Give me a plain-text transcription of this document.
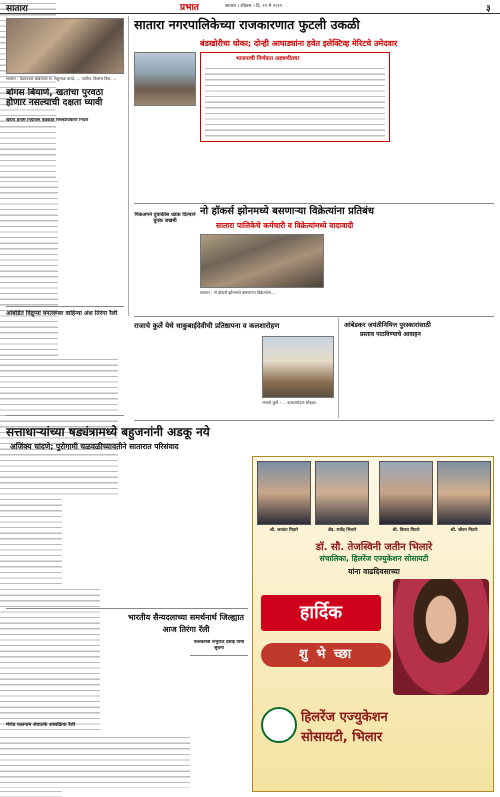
सातारा	प्रभात	सातारा । रविवार । दि. १९ मे २०१९	३
सातारा : वेळापत्रक बाबतच्या स. सदुभाऊ करंडे, ... पाटील, विलास विश, ...
बोगस बियाणे, खतांचा पुरवठा होणार नसल्याची दक्षता घ्यावी
खरीप हंगाम नियोजन बैठकीत जिल्हाधिकारी निर्देश
आंबोडेत विद्रुप्या वनतरूवर वाहिन्या अंश तिरंगा रैली
मेणेड फलनाम संघातर्फे शस्त्रक्रिया रैली
सातारा नगरपालिकेच्या राजकारणात फुटली उकळी
बंडखोरीचा धोका; दोन्ही आघाड्यांना हवेत इलेक्टिव्ह मेरिटचे उमेदवार
भाजपाची निर्णयात अडचणीतच!
पिकअपने दुचाकीस धडक दिल्याने युवक जखमी
नो हॉकर्स झोनमध्ये बसणाऱ्या विक्रेत्यांना प्रतिबंध
सातारा पालिकेचे कर्मचारी व विक्रेत्यांमध्ये वादावादी
सातारा : नो हॉकर्स झोनमध्ये बसणाऱ्या विक्रेत्यांना ...
राजाचे कुर्ले येथे धाकुबाईदेवीची प्रतिष्ठापना व कलशारोहण
राजाचे कुर्ले : ... कलशारोहण सोहळा.
आंबेडकर जयंतीनिमित्त पुरस्कारांसाठी
प्रस्ताव पाठविण्याचे आवाहन
सत्ताधाऱ्यांच्या षड्यंत्रामध्ये बहुजनांनी अडकू नये
अजिंक्य चांदणे; पुरोगामी चळवळीच्यावतीने सातारात परिसंवाद
भारतीय सैन्यदलाच्या समर्थनार्थ जिल्ह्यात आज तिरंगा रॅली
पालकमंत्री शंभुराज देसाई यांची सूचना
श्री. जयवंत मिठारे	ॲड. राजेंद्र भिलारे	श्री. विजय मिठारे	श्री. जीवन मिठारे
डॉ. सौ. तेजस्विनी जतीन भिलारे
संचालिका, हिलरेंज एज्युकेशन सोसायटी
यांना वाढदिवसाच्या
हार्दिक
शु भे च्छा
हिलरेंज एज्युकेशन
सोसायटी, भिलार
